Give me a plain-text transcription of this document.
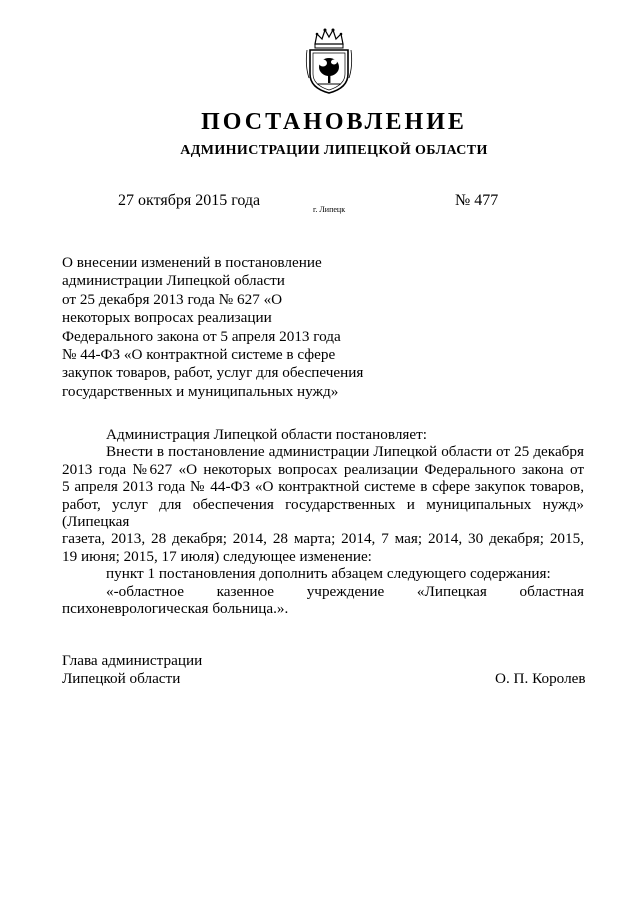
ПОСТАНОВЛЕНИЕ
АДМИНИСТРАЦИИ ЛИПЕЦКОЙ ОБЛАСТИ
27 октября 2015 года
г. Липецк
№ 477
О внесении изменений в постановление
администрации Липецкой области
от 25 декабря 2013 года № 627 «О
некоторых вопросах реализации
Федерального закона от 5 апреля 2013 года
№ 44-ФЗ «О контрактной системе в сфере
закупок товаров, работ, услуг для обеспечения
государственных и муниципальных нужд»
Администрация Липецкой области постановляет:
Внести в постановление администрации Липецкой области от 25 декабря
2013 года №627 «О некоторых вопросах реализации Федерального закона от
5 апреля 2013 года № 44-ФЗ «О контрактной системе в сфере закупок товаров,
работ, услуг для обеспечения государственных и муниципальных нужд» (Липецкая
газета, 2013, 28 декабря; 2014, 28 марта; 2014, 7 мая; 2014, 30 декабря; 2015,
19 июня; 2015, 17 июля) следующее изменение:
пункт 1 постановления дополнить абзацем следующего содержания:
«-областное казенное учреждение «Липецкая областная
психоневрологическая больница.».
Глава администрации
Липецкой области	О. П. Королев
